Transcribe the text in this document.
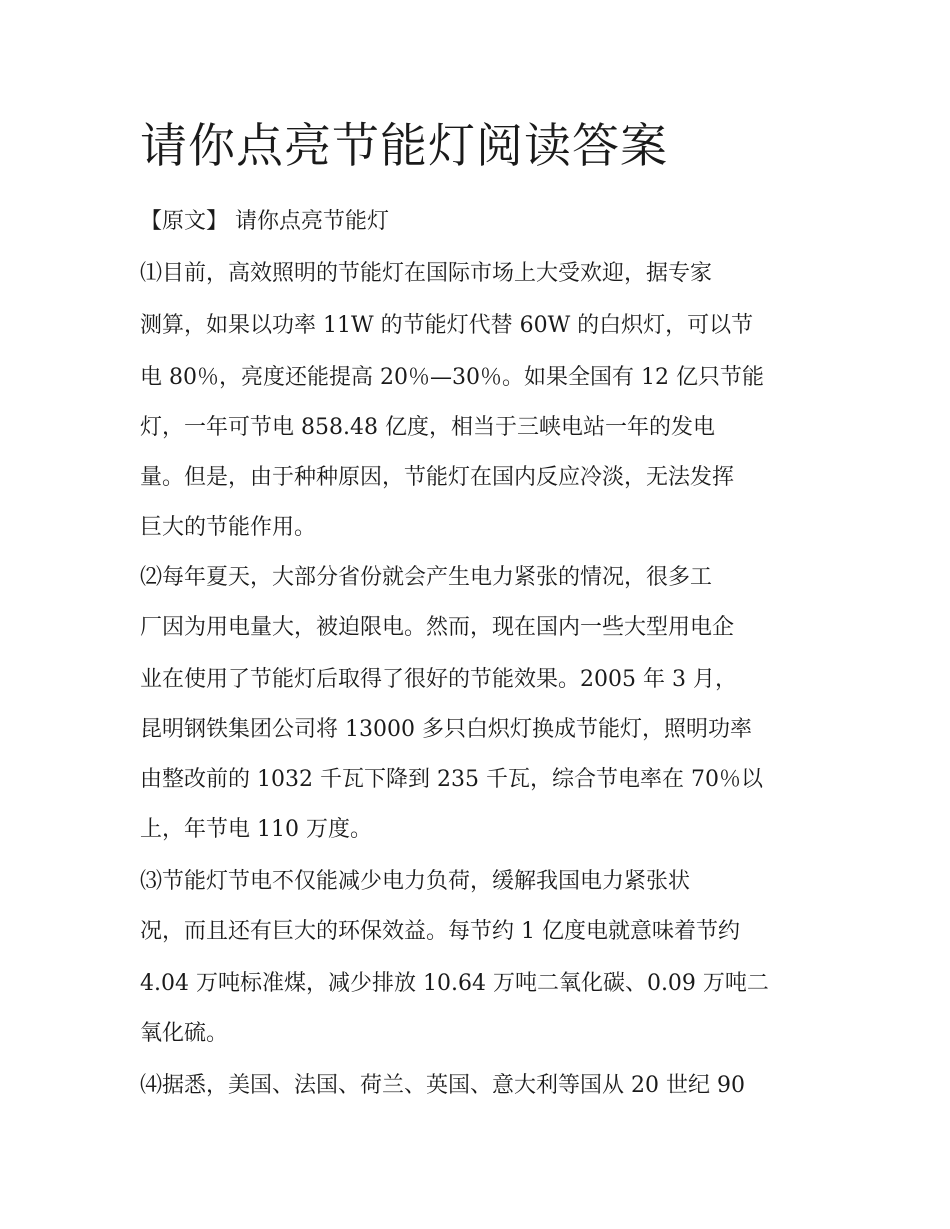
请你点亮节能灯阅读答案
【原文】 请你点亮节能灯
⑴目前，高效照明的节能灯在国际市场上大受欢迎，据专家
测算，如果以功率 11W 的节能灯代替 60W 的白炽灯，可以节
电 80％，亮度还能提高 20％—30％。如果全国有 12 亿只节能
灯，一年可节电 858.48 亿度，相当于三峡电站一年的发电
量。但是，由于种种原因，节能灯在国内反应冷淡，无法发挥
巨大的节能作用。
⑵每年夏天，大部分省份就会产生电力紧张的情况，很多工
厂因为用电量大，被迫限电。然而，现在国内一些大型用电企
业在使用了节能灯后取得了很好的节能效果。2005 年 3 月，
昆明钢铁集团公司将 13000 多只白炽灯换成节能灯，照明功率
由整改前的 1032 千瓦下降到 235 千瓦，综合节电率在 70％以
上，年节电 110 万度。
⑶节能灯节电不仅能减少电力负荷，缓解我国电力紧张状
况，而且还有巨大的环保效益。每节约 1 亿度电就意味着节约
4.04 万吨标准煤，减少排放 10.64 万吨二氧化碳、0.09 万吨二
氧化硫。
⑷据悉，美国、法国、荷兰、英国、意大利等国从 20 世纪 90
